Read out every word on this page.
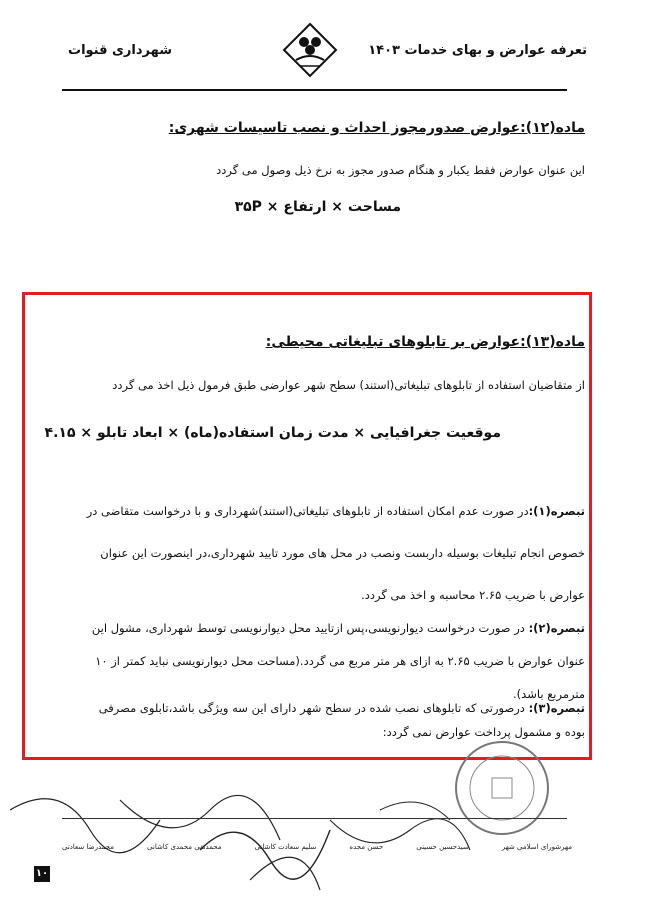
شهرداری قنوات	تعرفه عوارض و بهای خدمات ۱۴۰۳
ماده(۱۲):عوارض صدورمجوز احداث و نصب تاسیسات شهری:
این عنوان عوارض فقط یکبار و هنگام صدور مجوز به نرخ ذیل وصول می گردد
مساحت × ارتفاع × ۳۵P
ماده(۱۳):عوارض بر تابلوهای تبلیغاتی محیطی:
از متقاضیان استفاده از تابلوهای تبلیغاتی(استند) سطح شهر عوارضی طبق فرمول ذیل اخذ می گردد
موقعیت جغرافیایی × مدت زمان استفاده(ماه) × ابعاد تابلو × ۴.۱۵
تبصره(۱):در صورت عدم امکان استفاده از تابلوهای تبلیغاتی(استند)شهرداری و با درخواست متقاضی در خصوص انجام تبلیغات بوسیله داربست ونصب در محل های مورد تایید شهرداری،در اینصورت این عنوان عوارض با ضریب ۲.۶۵ محاسبه و اخذ می گردد.
تبصره(۲): در صورت درخواست دیوارنویسی،پس ازتایید محل دیوارنویسی توسط شهرداری، مشول این عنوان عوارض با ضریب ۲.۶۵ به ازای هر متر مربع می گردد.(مساحت محل دیوارنویسی نباید کمتر از ۱۰ مترمربع باشد).
تبصره(۳): درصورتی که تابلوهای نصب شده در سطح شهر دارای این سه ویژگی باشد،تابلوی مصرفی بوده و مشمول پرداخت عوارض نمی گردد:
مهرشورای اسلامی شهر
سیدحسین حسینی
حسن مجده
سلیم سعادت کاشانی
محمدتقی محمدی کاشانی
محمدرضا سعادتی
۱۰
